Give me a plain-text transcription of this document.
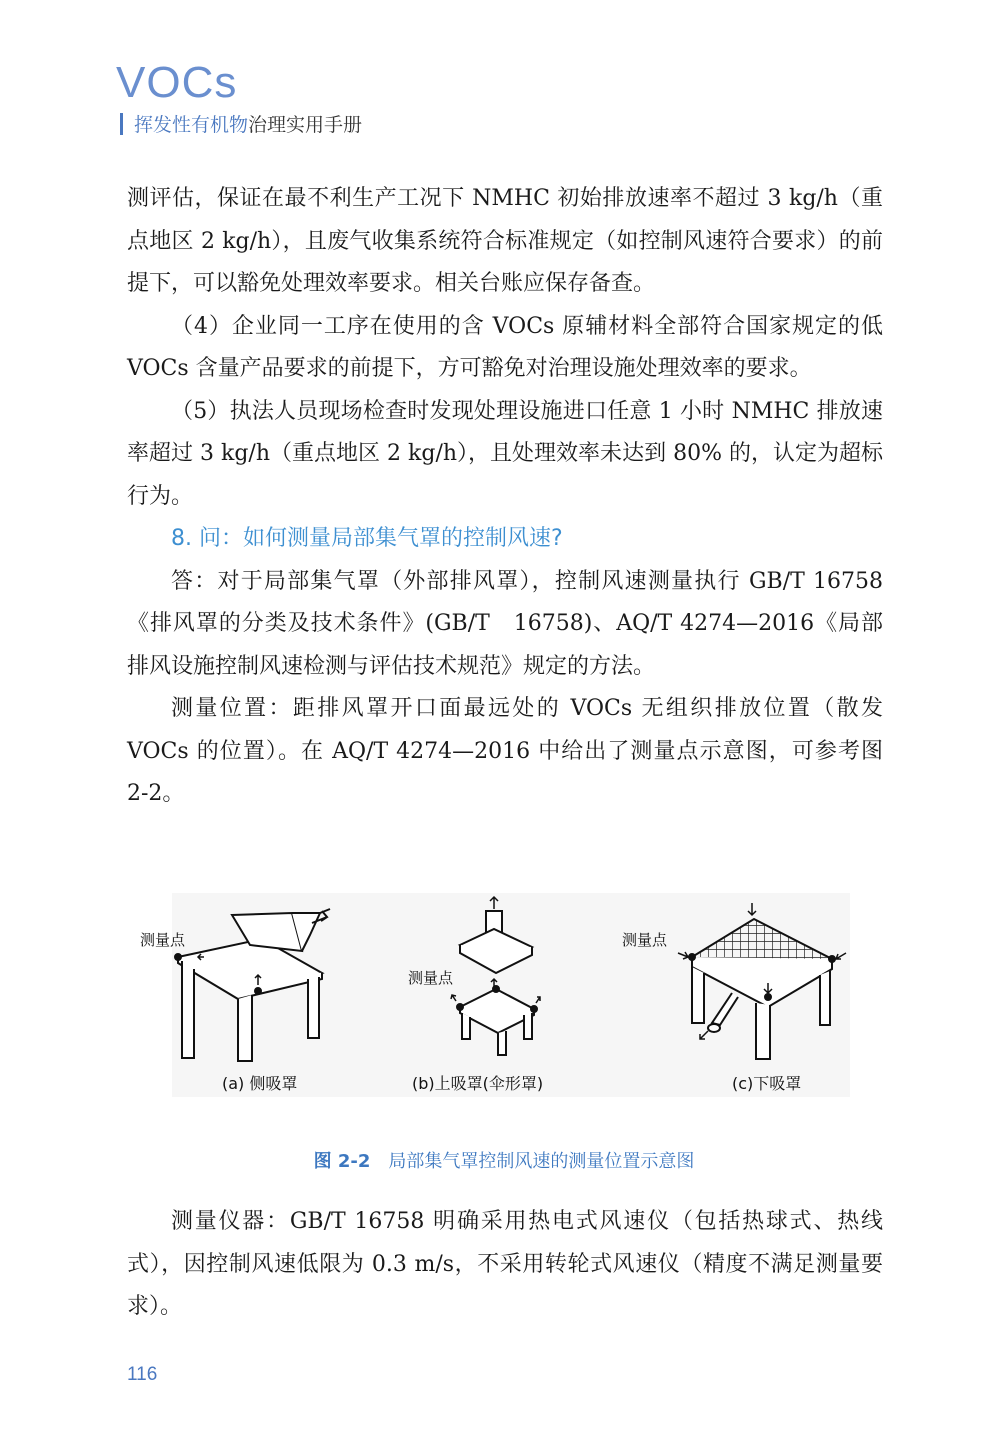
VOCs
挥发性有机物治理实用手册

测评估，保证在最不利生产工况下 NMHC 初始排放速率不超过 3 kg/h（重点地区 2 kg/h），且废气收集系统符合标准规定（如控制风速符合要求）的前提下，可以豁免处理效率要求。相关台账应保存备查。

（4）企业同一工序在使用的含 VOCs 原辅材料全部符合国家规定的低 VOCs 含量产品要求的前提下，方可豁免对治理设施处理效率的要求。

（5）执法人员现场检查时发现处理设施进口任意 1 小时 NMHC 排放速率超过 3 kg/h（重点地区 2 kg/h），且处理效率未达到 80% 的，认定为超标行为。

8. 问：如何测量局部集气罩的控制风速?

答：对于局部集气罩（外部排风罩），控制风速测量执行 GB/T 16758《排风罩的分类及技术条件》(GB/T　16758)、AQ/T 4274—2016《局部排风设施控制风速检测与评估技术规范》规定的方法。

测量位置：距排风罩开口面最远处的 VOCs 无组织排放位置（散发 VOCs 的位置）。在 AQ/T 4274—2016 中给出了测量点示意图，可参考图 2-2。

测量点
(a) 侧吸罩
测量点
(b)上吸罩(伞形罩)
测量点
(c)下吸罩
图 2-2 局部集气罩控制风速的测量位置示意图

测量仪器：GB/T 16758 明确采用热电式风速仪（包括热球式、热线式），因控制风速低限为 0.3 m/s，不采用转轮式风速仪（精度不满足测量要求）。

116
